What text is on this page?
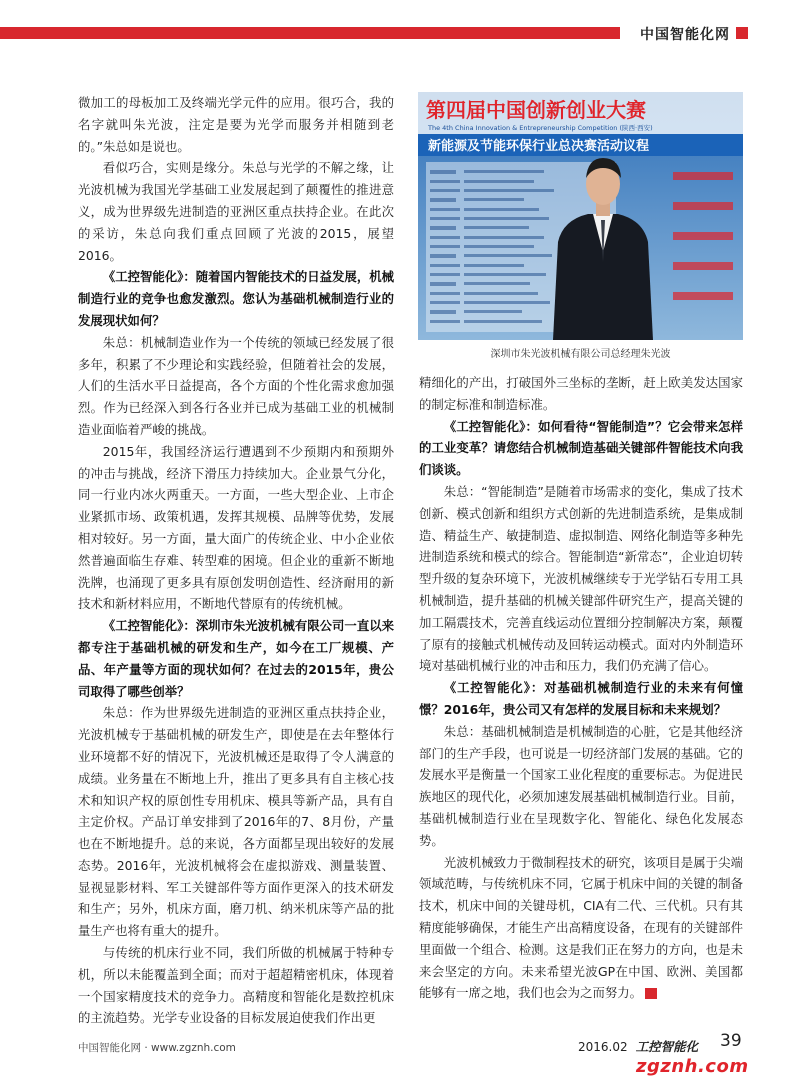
中国智能化网

微加工的母板加工及终端光学元件的应用。很巧合，我的名字就叫朱光波，注定是要为光学而服务并相随到老的。”朱总如是说也。

看似巧合，实则是缘分。朱总与光学的不解之缘，让光波机械为我国光学基础工业发展起到了颠覆性的推进意义，成为世界级先进制造的亚洲区重点扶持企业。在此次的采访，朱总向我们重点回顾了光波的2015，展望2016。

《工控智能化》：随着国内智能技术的日益发展，机械制造行业的竞争也愈发激烈。您认为基础机械制造行业的发展现状如何？

朱总：机械制造业作为一个传统的领域已经发展了很多年，积累了不少理论和实践经验，但随着社会的发展，人们的生活水平日益提高，各个方面的个性化需求愈加强烈。作为已经深入到各行各业并已成为基础工业的机械制造业面临着严峻的挑战。

2015年，我国经济运行遭遇到不少预期内和预期外的冲击与挑战，经济下滑压力持续加大。企业景气分化，同一行业内冰火两重天。一方面，一些大型企业、上市企业紧抓市场、政策机遇，发挥其规模、品牌等优势，发展相对较好。另一方面，量大面广的传统企业、中小企业依然普遍面临生存难、转型难的困境。但企业的重新不断地洗牌，也涌现了更多具有原创发明创造性、经济耐用的新技术和新材料应用，不断地代替原有的传统机械。

《工控智能化》：深圳市朱光波机械有限公司一直以来都专注于基础机械的研发和生产，如今在工厂规模、产品、年产量等方面的现状如何？在过去的2015年，贵公司取得了哪些创举？

朱总：作为世界级先进制造的亚洲区重点扶持企业，光波机械专于基础机械的研发生产，即使是在去年整体行业环境都不好的情况下，光波机械还是取得了令人满意的成绩。业务量在不断地上升，推出了更多具有自主核心技术和知识产权的原创性专用机床、模具等新产品，具有自主定价权。产品订单安排到了2016年的7、8月份，产量也在不断地提升。总的来说，各方面都呈现出较好的发展态势。2016年，光波机械将会在虚拟游戏、测量装置、显视显影材料、军工关键部件等方面作更深入的技术研发和生产；另外，机床方面，磨刀机、纳米机床等产品的批量生产也将有重大的提升。

与传统的机床行业不同，我们所做的机械属于特种专机，所以未能覆盖到全面；而对于超超精密机床，体现着一个国家精度技术的竞争力。高精度和智能化是数控机床的主流趋势。光学专业设备的目标发展迫使我们作出更

第四届中国创新创业大赛
The 4th China Innovation & Entrepreneurship Competition (陕西·西安)
新能源及节能环保行业总决赛活动议程
深圳市朱光波机械有限公司总经理朱光波

精细化的产出，打破国外三坐标的垄断，赶上欧美发达国家的制定标准和制造标准。

《工控智能化》：如何看待“智能制造”？它会带来怎样的工业变革？请您结合机械制造基础关键部件智能技术向我们谈谈。

朱总：“智能制造”是随着市场需求的变化，集成了技术创新、模式创新和组织方式创新的先进制造系统，是集成制造、精益生产、敏捷制造、虚拟制造、网络化制造等多种先进制造系统和模式的综合。智能制造“新常态”，企业迫切转型升级的复杂环境下，光波机械继续专于光学钻石专用工具机械制造，提升基础的机械关键部件研究生产，提高关键的加工隔震技术，完善直线运动位置细分控制解决方案，颠覆了原有的接触式机械传动及回转运动模式。面对内外制造环境对基础机械行业的冲击和压力，我们仍充满了信心。

《工控智能化》：对基础机械制造行业的未来有何憧憬？2016年，贵公司又有怎样的发展目标和未来规划？

朱总：基础机械制造是机械制造的心脏，它是其他经济部门的生产手段，也可说是一切经济部门发展的基础。它的发展水平是衡量一个国家工业化程度的重要标志。为促进民族地区的现代化，必须加速发展基础机械制造行业。目前，基础机械制造行业在呈现数字化、智能化、绿色化发展态势。

光波机械致力于微制程技术的研究，该项目是属于尖端领域范畴，与传统机床不同，它属于机床中间的关键的制备技术，机床中间的关键母机，CIA有二代、三代机。只有其精度能够确保，才能生产出高精度设备，在现有的关键部件里面做一个组合、检测。这是我们正在努力的方向，也是未来会坚定的方向。未来希望光波GP在中国、欧洲、美国都能够有一席之地，我们也会为之而努力。

中国智能化网 · www.zgznh.com	2016.02 工控智能化 39
zgznh.com
